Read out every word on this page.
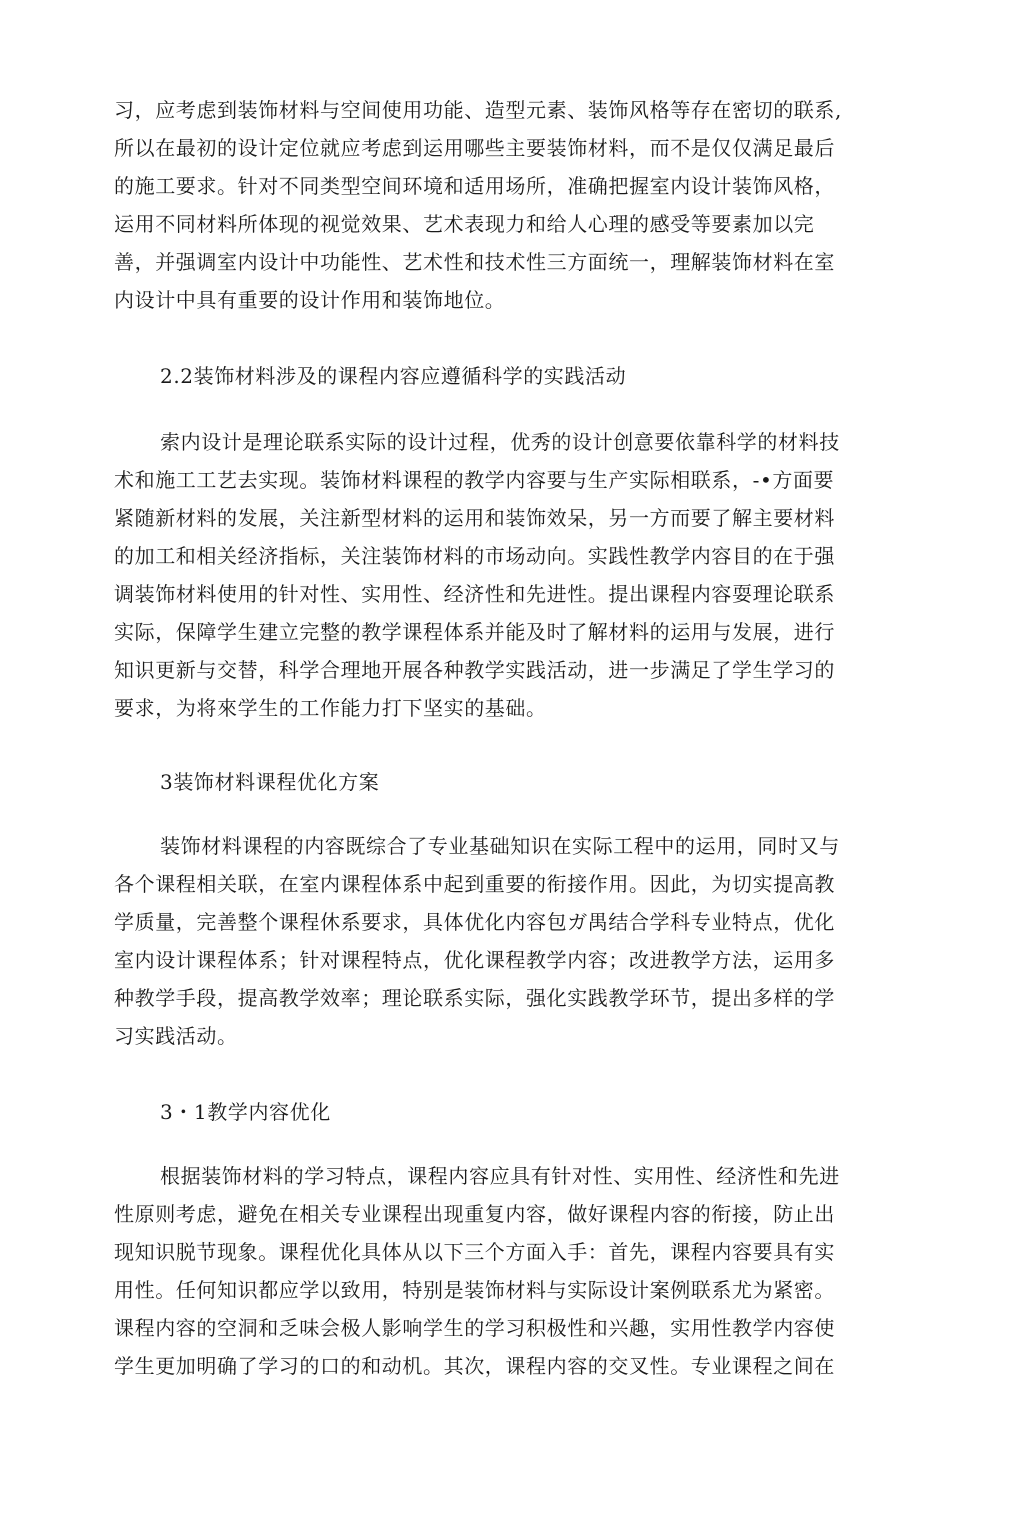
习，应考虑到装饰材料与空间使用功能、造型元素、装饰风格等存在密切的联系,
所以在最初的设计定位就应考虑到运用哪些主要装饰材料，而不是仅仅满足最后
的施工要求。针对不同类型空间环境和适用场所，准确把握室内设计装饰风格，
运用不同材料所体现的视觉效果、艺术表现力和给人心理的感受等要素加以完
善，并强调室内设计中功能性、艺术性和技术性三方面统一，理解装饰材料在室
内设计中具有重要的设计作用和装饰地位。
2.2装饰材料涉及的课程内容应遵循科学的实践活动
索内设计是理论联系实际的设计过程，优秀的设计创意要依靠科学的材料技
术和施工工艺去实现。装饰材料课程的教学内容要与生产实际相联系，-•方面要
紧随新材料的发展，关注新型材料的运用和装饰效呆，另一方而要了解主要材料
的加工和相关经济指标，关注装饰材料的市场动向。实践性教学内容目的在于强
调装饰材料使用的针对性、实用性、经济性和先进性。提出课程内容耍理论联系
实际，保障学生建立完整的教学课程体系并能及时了解材料的运用与发展，进行
知识更新与交替，科学合理地开展各种教学实践活动，进一步满足了学生学习的
要求，为将來学生的工作能力打下坚实的基础。
3装饰材料课程优化方案
装饰材料课程的内容既综合了专业基础知识在实际工程中的运用，同时又与
各个课程相关联，在室内课程体系中起到重要的衔接作用。因此，为切实提高教
学质量，完善整个课程休系要求，具体优化内容包ガ禺结合学科专业特点，优化
室内设计课程体系；针对课程特点，优化课程教学内容；改进教学方法，运用多
种教学手段，提高教学效率；理论联系实际，强化实践教学环节，提出多样的学
习实践活动。
3・1教学内容优化
根据装饰材料的学习特点，课程内容应具有针对性、实用性、经济性和先进
性原则考虑，避免在相关专业课程出现重复内容，做好课程内容的衔接，防止出
现知识脱节现象。课程优化具体从以下三个方面入手：首先，课程内容要具有实
用性。任何知识都应学以致用，特别是装饰材料与实际设计案例联系尤为紧密。
课程内容的空洞和乏味会极人影响学生的学习积极性和兴趣，实用性教学内容使
学生更加明确了学习的口的和动机。其次，课程内容的交叉性。专业课程之间在
